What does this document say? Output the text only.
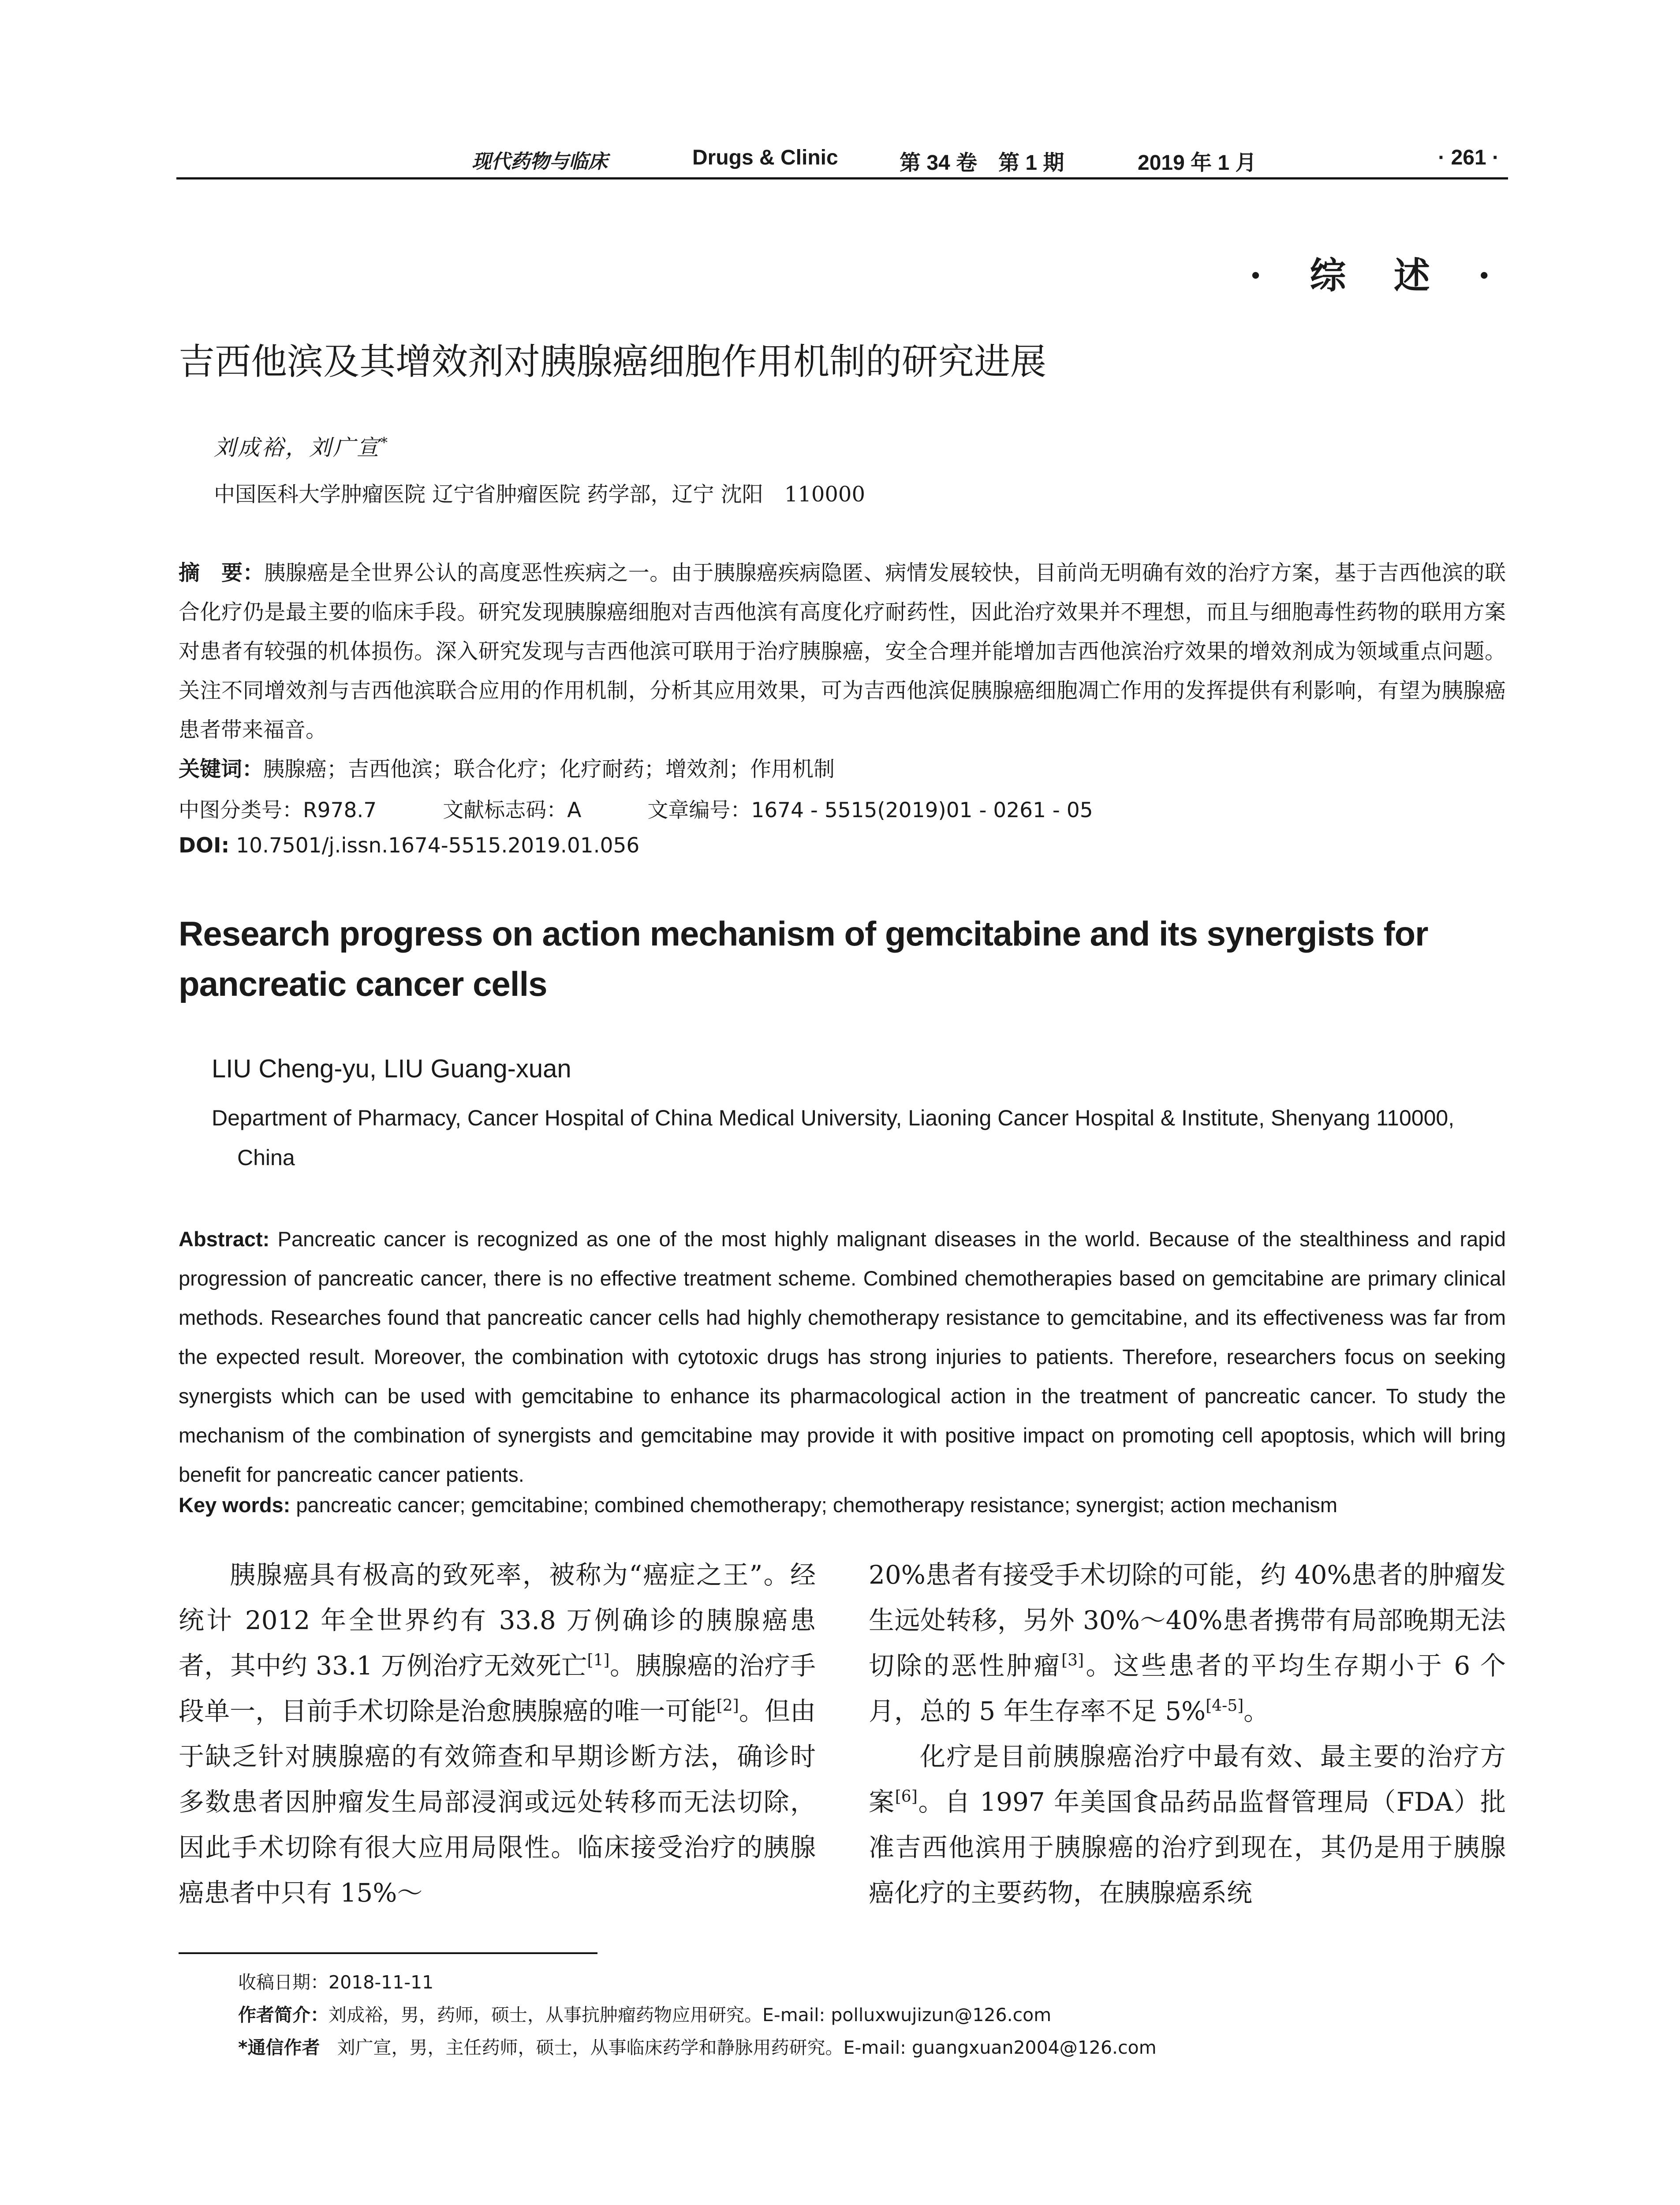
现代药物与临床	Drugs & Clinic	第 34 卷　第 1 期	2019 年 1 月	· 261 ·
· 综 述 ·
吉西他滨及其增效剂对胰腺癌细胞作用机制的研究进展
刘成裕，刘广宣*
中国医科大学肿瘤医院 辽宁省肿瘤医院 药学部，辽宁 沈阳　110000
摘　要：胰腺癌是全世界公认的高度恶性疾病之一。由于胰腺癌疾病隐匿、病情发展较快，目前尚无明确有效的治疗方案，基于吉西他滨的联合化疗仍是最主要的临床手段。研究发现胰腺癌细胞对吉西他滨有高度化疗耐药性，因此治疗效果并不理想，而且与细胞毒性药物的联用方案对患者有较强的机体损伤。深入研究发现与吉西他滨可联用于治疗胰腺癌，安全合理并能增加吉西他滨治疗效果的增效剂成为领域重点问题。关注不同增效剂与吉西他滨联合应用的作用机制，分析其应用效果，可为吉西他滨促胰腺癌细胞凋亡作用的发挥提供有利影响，有望为胰腺癌患者带来福音。
关键词：胰腺癌；吉西他滨；联合化疗；化疗耐药；增效剂；作用机制
中图分类号：R978.7	文献标志码：A	文章编号：1674 - 5515(2019)01 - 0261 - 05
DOI: 10.7501/j.issn.1674-5515.2019.01.056
Research progress on action mechanism of gemcitabine and its synergists for pancreatic cancer cells
LIU Cheng-yu, LIU Guang-xuan
Department of Pharmacy, Cancer Hospital of China Medical University, Liaoning Cancer Hospital & Institute, Shenyang 110000,
China
Abstract: Pancreatic cancer is recognized as one of the most highly malignant diseases in the world. Because of the stealthiness and rapid progression of pancreatic cancer, there is no effective treatment scheme. Combined chemotherapies based on gemcitabine are primary clinical methods. Researches found that pancreatic cancer cells had highly chemotherapy resistance to gemcitabine, and its effectiveness was far from the expected result. Moreover, the combination with cytotoxic drugs has strong injuries to patients. Therefore, researchers focus on seeking synergists which can be used with gemcitabine to enhance its pharmacological action in the treatment of pancreatic cancer. To study the mechanism of the combination of synergists and gemcitabine may provide it with positive impact on promoting cell apoptosis, which will bring benefit for pancreatic cancer patients.
Key words: pancreatic cancer; gemcitabine; combined chemotherapy; chemotherapy resistance; synergist; action mechanism

胰腺癌具有极高的致死率，被称为“癌症之王”。经统计 2012 年全世界约有 33.8 万例确诊的胰腺癌患者，其中约 33.1 万例治疗无效死亡[1]。胰腺癌的治疗手段单一，目前手术切除是治愈胰腺癌的唯一可能[2]。但由于缺乏针对胰腺癌的有效筛查和早期诊断方法，确诊时多数患者因肿瘤发生局部浸润或远处转移而无法切除，因此手术切除有很大应用局限性。临床接受治疗的胰腺癌患者中只有 15%～

20%患者有接受手术切除的可能，约 40%患者的肿瘤发生远处转移，另外 30%～40%患者携带有局部晚期无法切除的恶性肿瘤[3]。这些患者的平均生存期小于 6 个月，总的 5 年生存率不足 5%[4-5]。

化疗是目前胰腺癌治疗中最有效、最主要的治疗方案[6]。自 1997 年美国食品药品监督管理局（FDA）批准吉西他滨用于胰腺癌的治疗到现在，其仍是用于胰腺癌化疗的主要药物，在胰腺癌系统

收稿日期：2018-11-11
作者简介：刘成裕，男，药师，硕士，从事抗肿瘤药物应用研究。E-mail: polluxwujizun@126.com
*通信作者 刘广宣，男，主任药师，硕士，从事临床药学和静脉用药研究。E-mail: guangxuan2004@126.com
